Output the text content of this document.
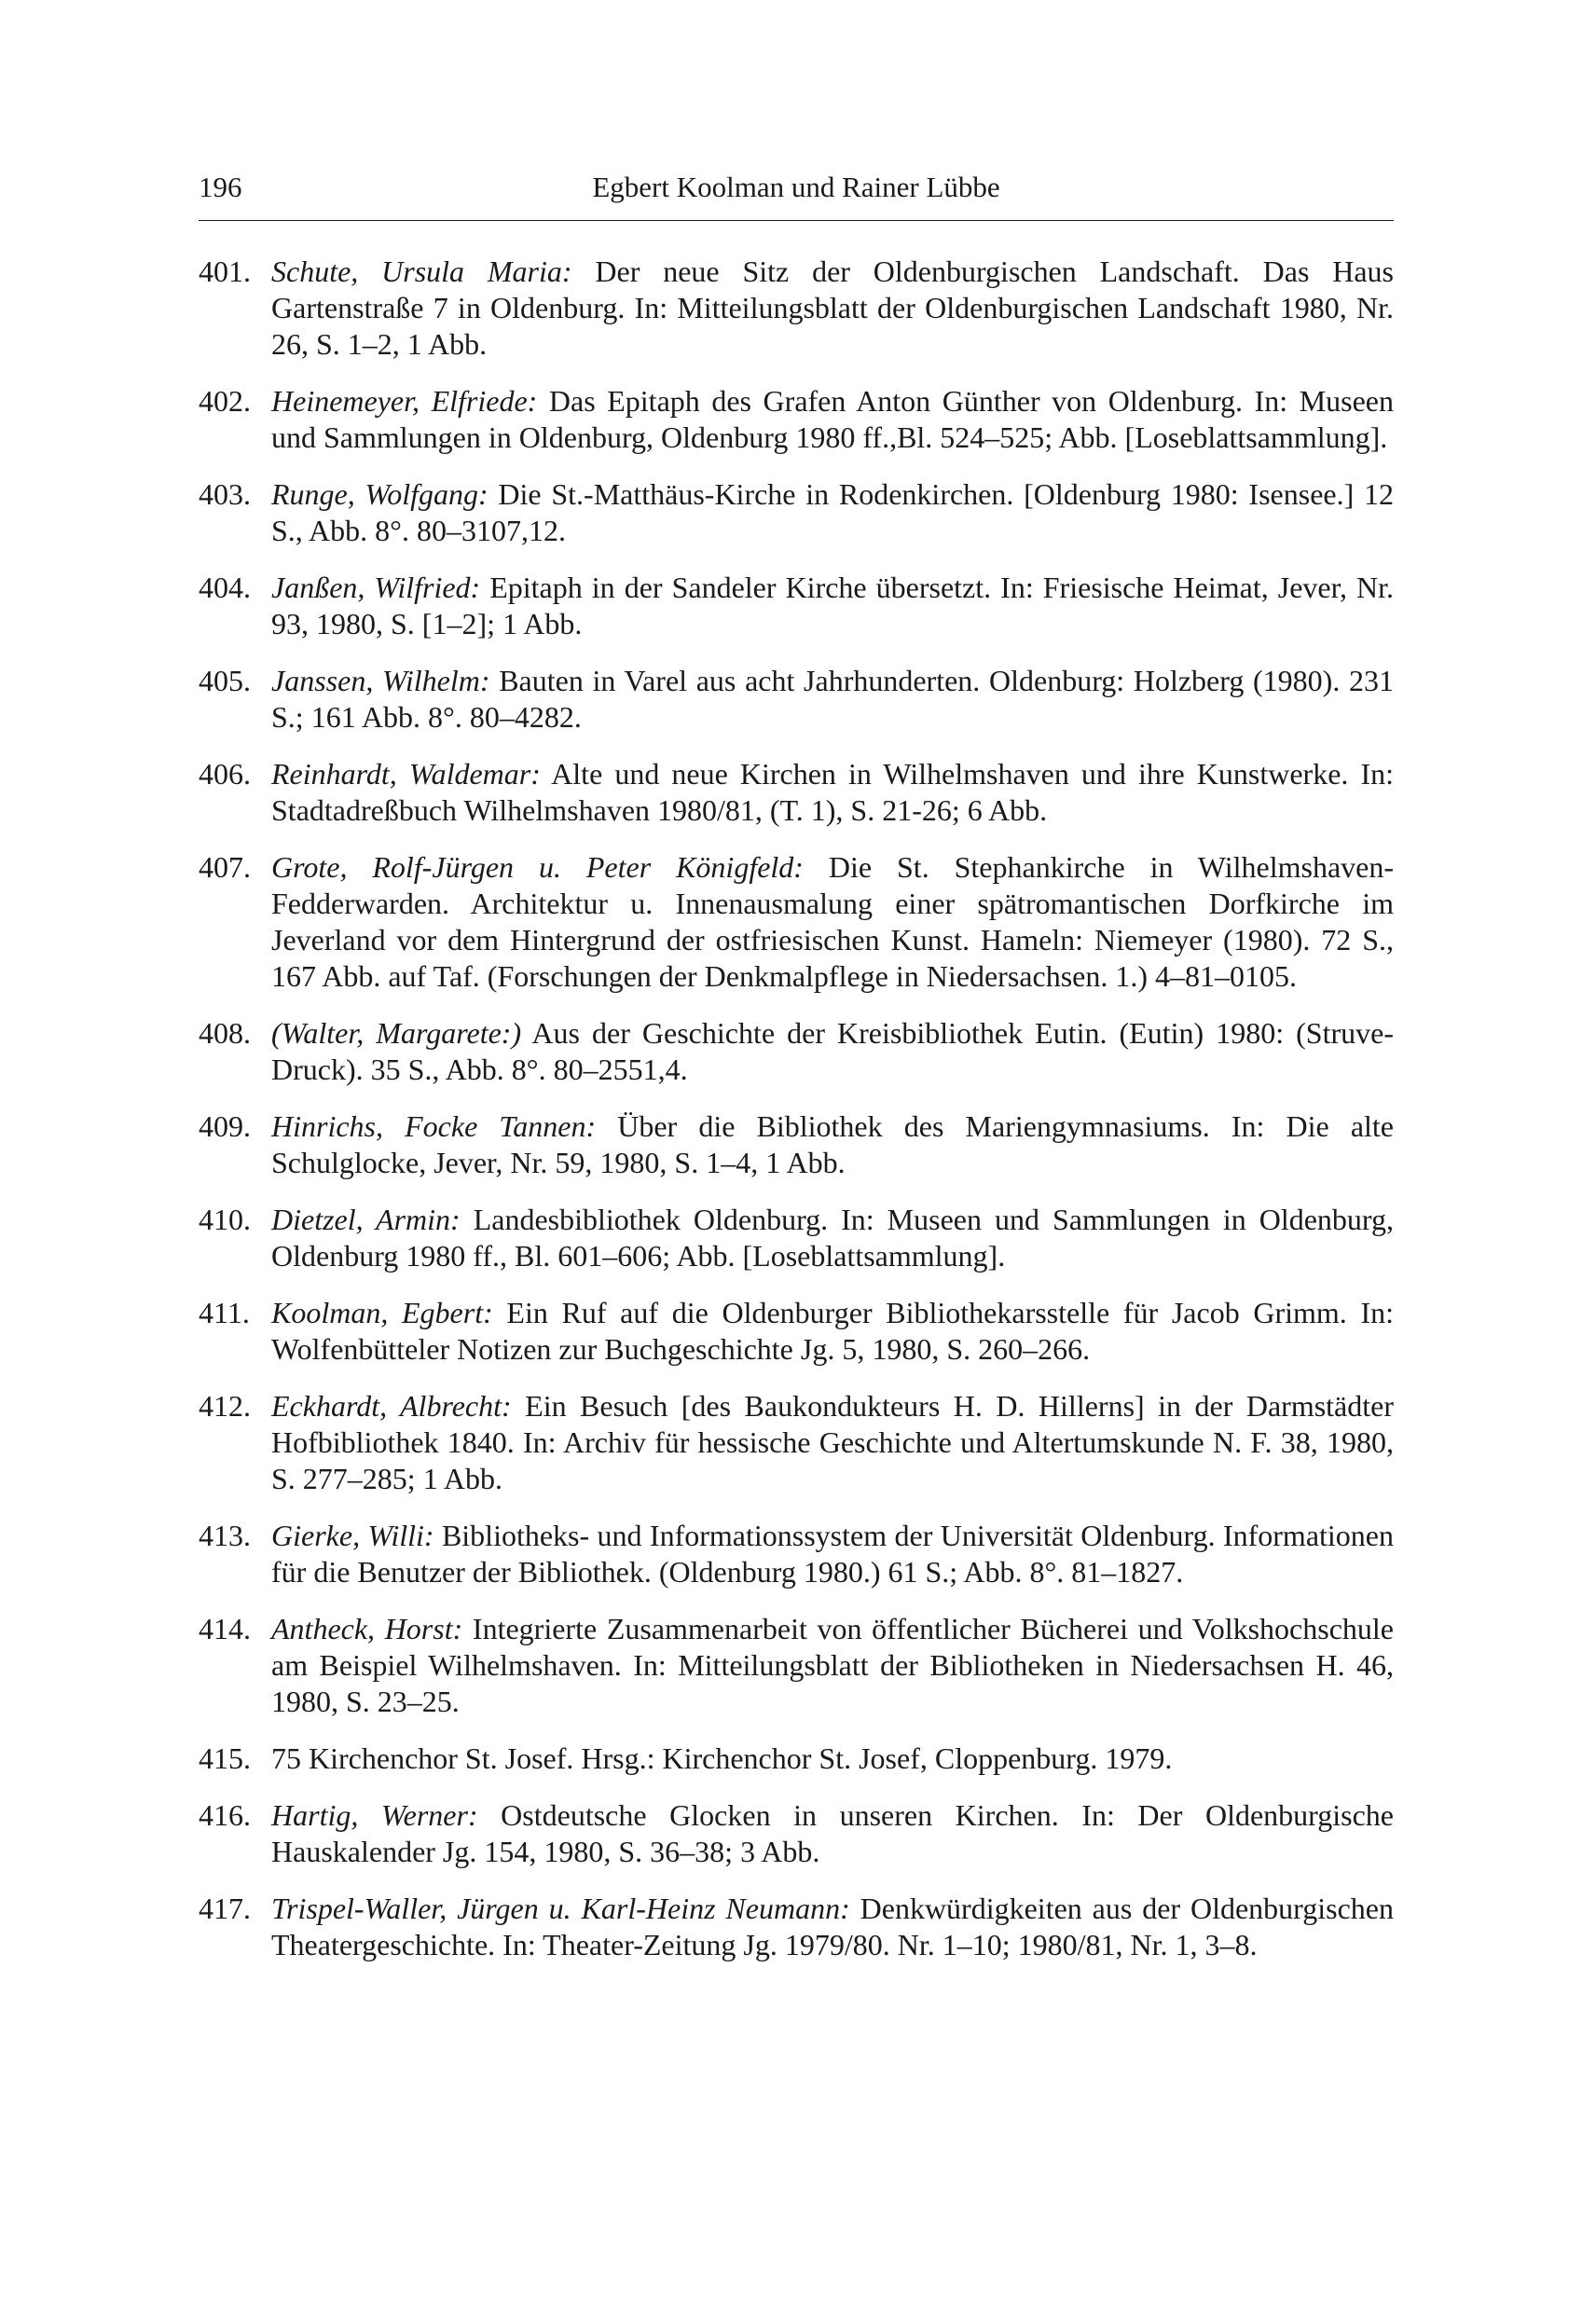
196	Egbert Koolman und Rainer Lübbe
401. Schute, Ursula Maria: Der neue Sitz der Oldenburgischen Landschaft. Das Haus Gartenstraße 7 in Oldenburg. In: Mitteilungsblatt der Oldenburgischen Landschaft 1980, Nr. 26, S. 1–2, 1 Abb.
402. Heinemeyer, Elfriede: Das Epitaph des Grafen Anton Günther von Oldenburg. In: Museen und Sammlungen in Oldenburg, Oldenburg 1980 ff.,Bl. 524–525; Abb. [Loseblattsammlung].
403. Runge, Wolfgang: Die St.-Matthäus-Kirche in Rodenkirchen. [Oldenburg 1980: Isensee.] 12 S., Abb. 8°. 80–3107,12.
404. Janßen, Wilfried: Epitaph in der Sandeler Kirche übersetzt. In: Friesische Heimat, Jever, Nr. 93, 1980, S. [1–2]; 1 Abb.
405. Janssen, Wilhelm: Bauten in Varel aus acht Jahrhunderten. Oldenburg: Holzberg (1980). 231 S.; 161 Abb. 8°. 80–4282.
406. Reinhardt, Waldemar: Alte und neue Kirchen in Wilhelmshaven und ihre Kunstwerke. In: Stadtadreßbuch Wilhelmshaven 1980/81, (T. 1), S. 21-26; 6 Abb.
407. Grote, Rolf-Jürgen u. Peter Königfeld: Die St. Stephankirche in Wilhelmshaven-Fedderwarden. Architektur u. Innenausmalung einer spätromantischen Dorfkirche im Jeverland vor dem Hintergrund der ostfriesischen Kunst. Hameln: Niemeyer (1980). 72 S., 167 Abb. auf Taf. (Forschungen der Denkmalpflege in Niedersachsen. 1.) 4–81–0105.
408. (Walter, Margarete:) Aus der Geschichte der Kreisbibliothek Eutin. (Eutin) 1980: (Struve-Druck). 35 S., Abb. 8°. 80–2551,4.
409. Hinrichs, Focke Tannen: Über die Bibliothek des Mariengymnasiums. In: Die alte Schulglocke, Jever, Nr. 59, 1980, S. 1–4, 1 Abb.
410. Dietzel, Armin: Landesbibliothek Oldenburg. In: Museen und Sammlungen in Oldenburg, Oldenburg 1980 ff., Bl. 601–606; Abb. [Loseblattsammlung].
411. Koolman, Egbert: Ein Ruf auf die Oldenburger Bibliothekarsstelle für Jacob Grimm. In: Wolfenbütteler Notizen zur Buchgeschichte Jg. 5, 1980, S. 260–266.
412. Eckhardt, Albrecht: Ein Besuch [des Baukondukteurs H. D. Hillerns] in der Darmstädter Hofbibliothek 1840. In: Archiv für hessische Geschichte und Altertumskunde N. F. 38, 1980, S. 277–285; 1 Abb.
413. Gierke, Willi: Bibliotheks- und Informationssystem der Universität Oldenburg. Informationen für die Benutzer der Bibliothek. (Oldenburg 1980.) 61 S.; Abb. 8°. 81–1827.
414. Antheck, Horst: Integrierte Zusammenarbeit von öffentlicher Bücherei und Volkshochschule am Beispiel Wilhelmshaven. In: Mitteilungsblatt der Bibliotheken in Niedersachsen H. 46, 1980, S. 23–25.
415. 75 Kirchenchor St. Josef. Hrsg.: Kirchenchor St. Josef, Cloppenburg. 1979.
416. Hartig, Werner: Ostdeutsche Glocken in unseren Kirchen. In: Der Oldenburgische Hauskalender Jg. 154, 1980, S. 36–38; 3 Abb.
417. Trispel-Waller, Jürgen u. Karl-Heinz Neumann: Denkwürdigkeiten aus der Oldenburgischen Theatergeschichte. In: Theater-Zeitung Jg. 1979/80. Nr. 1–10; 1980/81, Nr. 1, 3–8.
